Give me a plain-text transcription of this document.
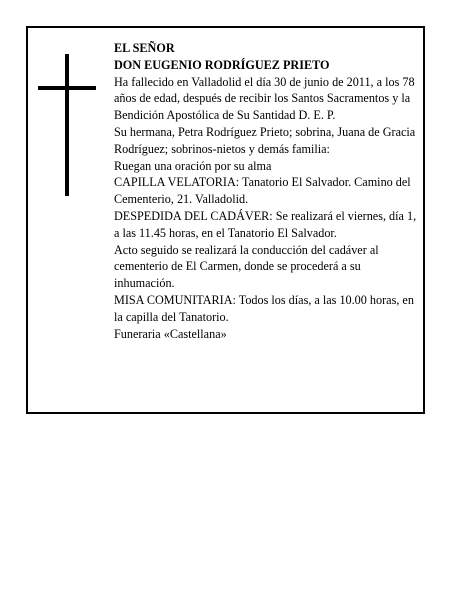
EL SEÑOR
DON EUGENIO RODRÍGUEZ PRIETO
Ha fallecido en Valladolid el día 30 de junio de 2011, a los 78 años de edad, después de recibir los Santos Sacramentos y la Bendición Apostólica de Su Santidad D. E. P.
Su hermana, Petra Rodríguez Prieto; sobrina, Juana de Gracia Rodríguez; sobrinos-nietos y demás familia:
Ruegan una oración por su alma
CAPILLA VELATORIA: Tanatorio El Salvador. Camino del Cementerio, 21. Valladolid.
DESPEDIDA DEL CADÁVER: Se realizará el viernes, día 1, a las 11.45 horas, en el Tanatorio El Salvador.
Acto seguido se realizará la conducción del cadáver al cementerio de El Carmen, donde se procederá a su inhumación.
MISA COMUNITARIA: Todos los días, a las 10.00 horas, en la capilla del Tanatorio.
Funeraria «Castellana»
